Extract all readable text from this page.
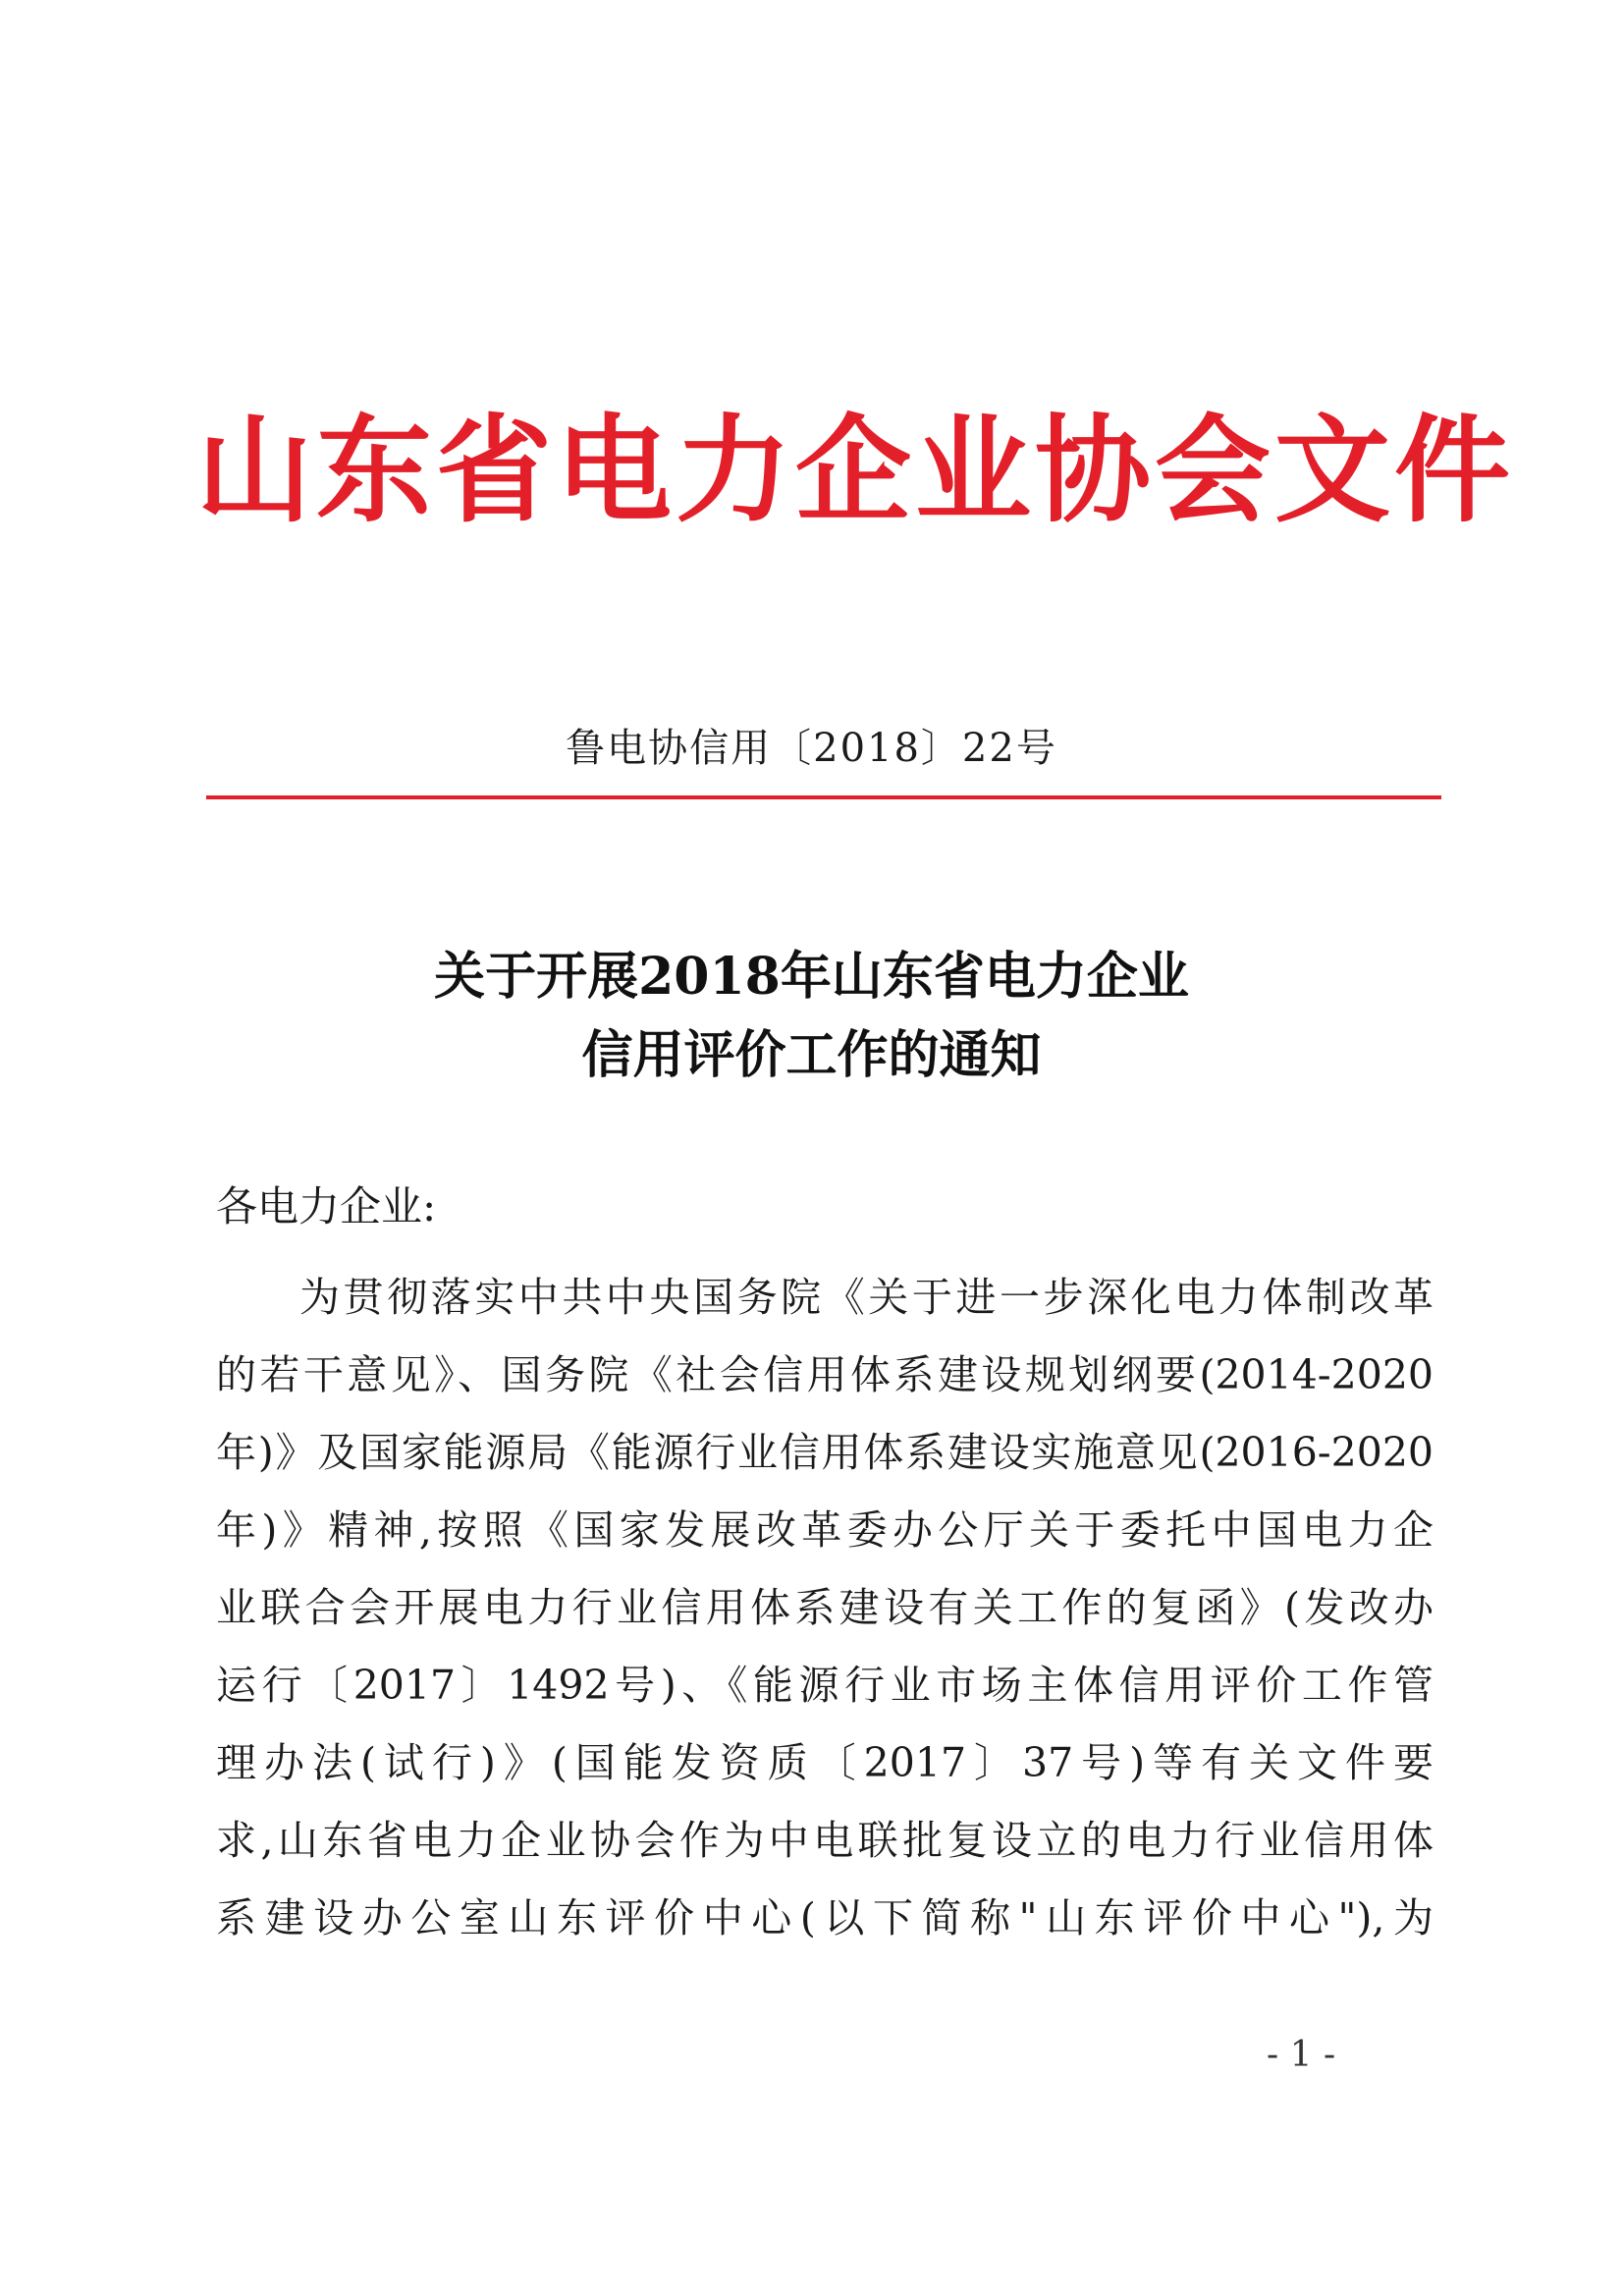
山东省电力企业协会文件
鲁电协信用〔2018〕22号
关于开展2018年山东省电力企业
信用评价工作的通知
各电力企业:
为贯彻落实中共中央国务院《关于进一步深化电力体制改革
的若干意见》、国务院《社会信用体系建设规划纲要(2014-2020
年)》及国家能源局《能源行业信用体系建设实施意见(2016-2020
年)》精神,按照《国家发展改革委办公厅关于委托中国电力企
业联合会开展电力行业信用体系建设有关工作的复函》(发改办
运行〔2017〕1492号)、《能源行业市场主体信用评价工作管
理办法(试行)》(国能发资质〔2017〕37号)等有关文件要
求,山东省电力企业协会作为中电联批复设立的电力行业信用体
系建设办公室山东评价中心(以下简称"山东评价中心"),为
- 1 -
